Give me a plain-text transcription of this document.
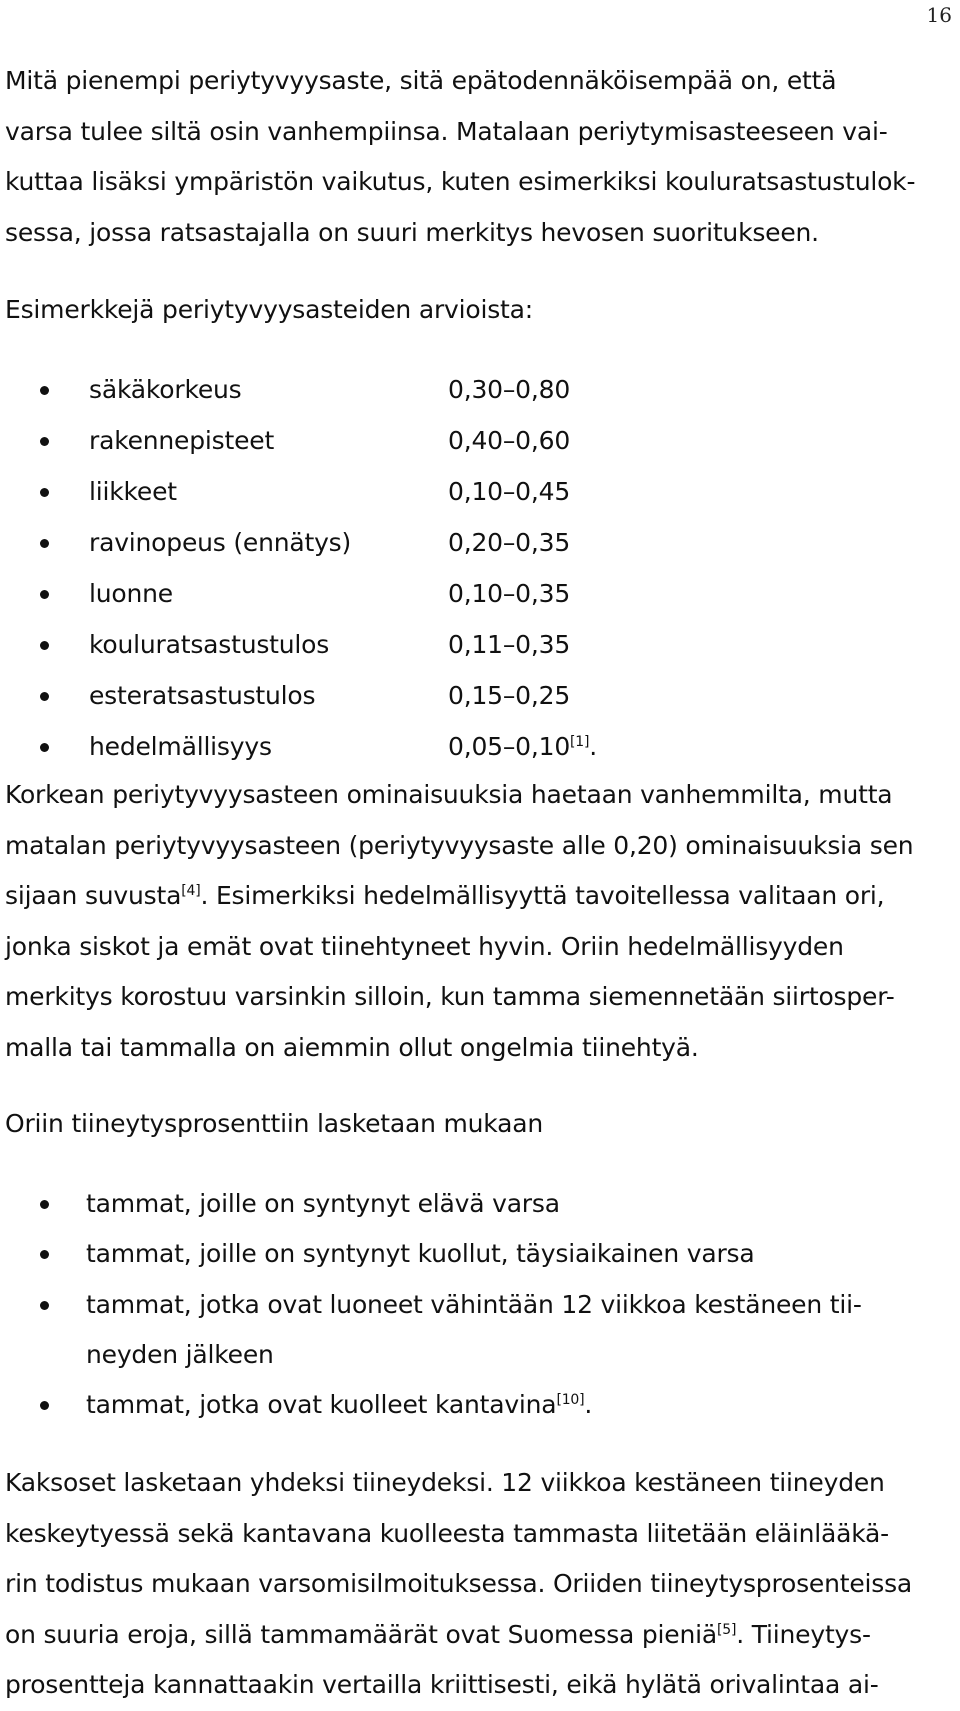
16

Mitä pienempi periytyvyysaste, sitä epätodennäköisempää on, että
varsa tulee siltä osin vanhempiinsa. Matalaan periytymisasteeseen vai-
kuttaa lisäksi ympäristön vaikutus, kuten esimerkiksi kouluratsastustulok-
sessa, jossa ratsastajalla on suuri merkitys hevosen suoritukseen.

Esimerkkejä periytyvyysasteiden arvioista:

säkäkorkeus	0,30–0,80
rakennepisteet	0,40–0,60
liikkeet	0,10–0,45
ravinopeus (ennätys)	0,20–0,35
luonne	0,10–0,35
kouluratsastustulos	0,11–0,35
esteratsastustulos	0,15–0,25
hedelmällisyys	0,05–0,10[1].

Korkean periytyvyysasteen ominaisuuksia haetaan vanhemmilta, mutta
matalan periytyvyysasteen (periytyvyysaste alle 0,20) ominaisuuksia sen
sijaan suvusta[4]. Esimerkiksi hedelmällisyyttä tavoitellessa valitaan ori,
jonka siskot ja emät ovat tiinehtyneet hyvin. Oriin hedelmällisyyden
merkitys korostuu varsinkin silloin, kun tamma siemennetään siirtosper-
malla tai tammalla on aiemmin ollut ongelmia tiinehtyä.

Oriin tiineytysprosenttiin lasketaan mukaan

tammat, joille on syntynyt elävä varsa
tammat, joille on syntynyt kuollut, täysiaikainen varsa
tammat, jotka ovat luoneet vähintään 12 viikkoa kestäneen tii-
neyden jälkeen
tammat, jotka ovat kuolleet kantavina[10].

Kaksoset lasketaan yhdeksi tiineydeksi. 12 viikkoa kestäneen tiineyden
keskeytyessä sekä kantavana kuolleesta tammasta liitetään eläinlääkä-
rin todistus mukaan varsomisilmoituksessa. Oriiden tiineytysprosenteissa
on suuria eroja, sillä tammamäärät ovat Suomessa pieniä[5]. Tiineytys-
prosentteja kannattaakin vertailla kriittisesti, eikä hylätä orivalintaa ai-
